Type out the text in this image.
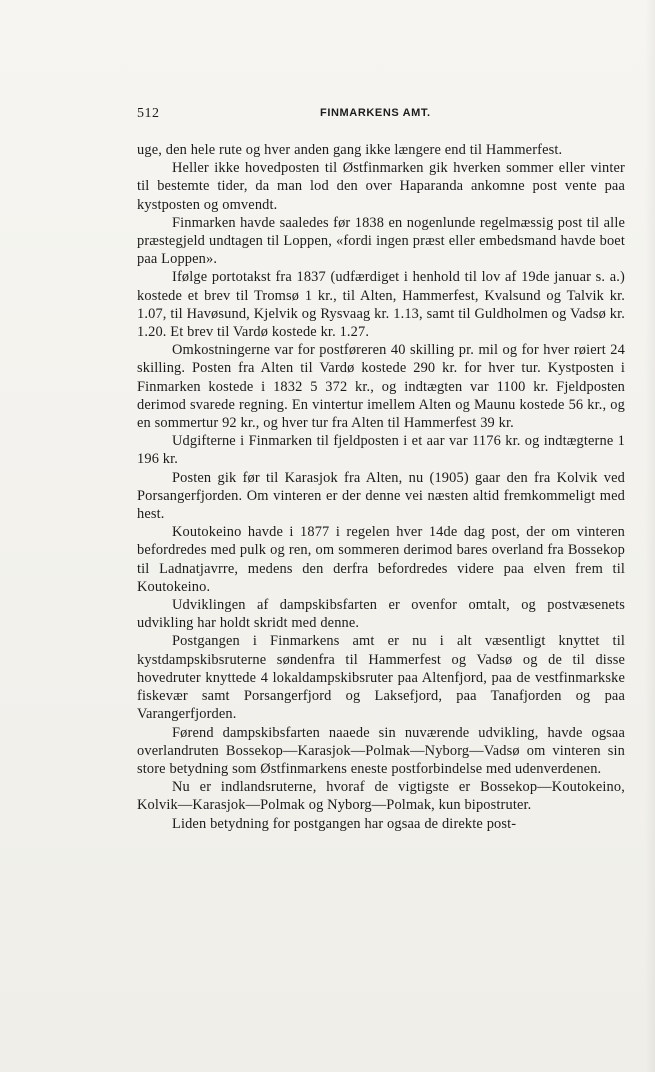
512	FINMARKENS AMT.

uge, den hele rute og hver anden gang ikke længere end til Hammerfest.

Heller ikke hovedposten til Østfinmarken gik hverken sommer eller vinter til bestemte tider, da man lod den over Haparanda ankomne post vente paa kystposten og omvendt.

Finmarken havde saaledes før 1838 en nogenlunde regelmæssig post til alle præstegjeld undtagen til Loppen, «fordi ingen præst eller embedsmand havde boet paa Loppen».

Ifølge portotakst fra 1837 (udfærdiget i henhold til lov af 19de januar s. a.) kostede et brev til Tromsø 1 kr., til Alten, Hammerfest, Kvalsund og Talvik kr. 1.07, til Havøsund, Kjelvik og Rysvaag kr. 1.13, samt til Guldholmen og Vadsø kr. 1.20. Et brev til Vardø kostede kr. 1.27.

Omkostningerne var for postføreren 40 skilling pr. mil og for hver røiert 24 skilling. Posten fra Alten til Vardø kostede 290 kr. for hver tur. Kystposten i Finmarken kostede i 1832 5 372 kr., og indtægten var 1100 kr. Fjeldposten derimod svarede regning. En vintertur imellem Alten og Maunu kostede 56 kr., og en sommertur 92 kr., og hver tur fra Alten til Hammerfest 39 kr.

Udgifterne i Finmarken til fjeldposten i et aar var 1176 kr. og indtægterne 1 196 kr.

Posten gik før til Karasjok fra Alten, nu (1905) gaar den fra Kolvik ved Porsangerfjorden. Om vinteren er der denne vei næsten altid fremkommeligt med hest.

Koutokeino havde i 1877 i regelen hver 14de dag post, der om vinteren befordredes med pulk og ren, om sommeren derimod bares overland fra Bossekop til Ladnatjavrre, medens den derfra befordredes videre paa elven frem til Koutokeino.

Udviklingen af dampskibsfarten er ovenfor omtalt, og postvæsenets udvikling har holdt skridt med denne.

Postgangen i Finmarkens amt er nu i alt væsentligt knyttet til kystdampskibsruterne søndenfra til Hammerfest og Vadsø og de til disse hovedruter knyttede 4 lokaldampskibsruter paa Altenfjord, paa de vestfinmarkske fiskevær samt Porsangerfjord og Laksefjord, paa Tanafjorden og paa Varangerfjorden.

Førend dampskibsfarten naaede sin nuværende udvikling, havde ogsaa overlandruten Bossekop—Karasjok—Polmak—Nyborg—Vadsø om vinteren sin store betydning som Østfinmarkens eneste postforbindelse med udenverdenen.

Nu er indlandsruterne, hvoraf de vigtigste er Bossekop—Koutokeino, Kolvik—Karasjok—Polmak og Nyborg—Polmak, kun bipostruter.

Liden betydning for postgangen har ogsaa de direkte post-
